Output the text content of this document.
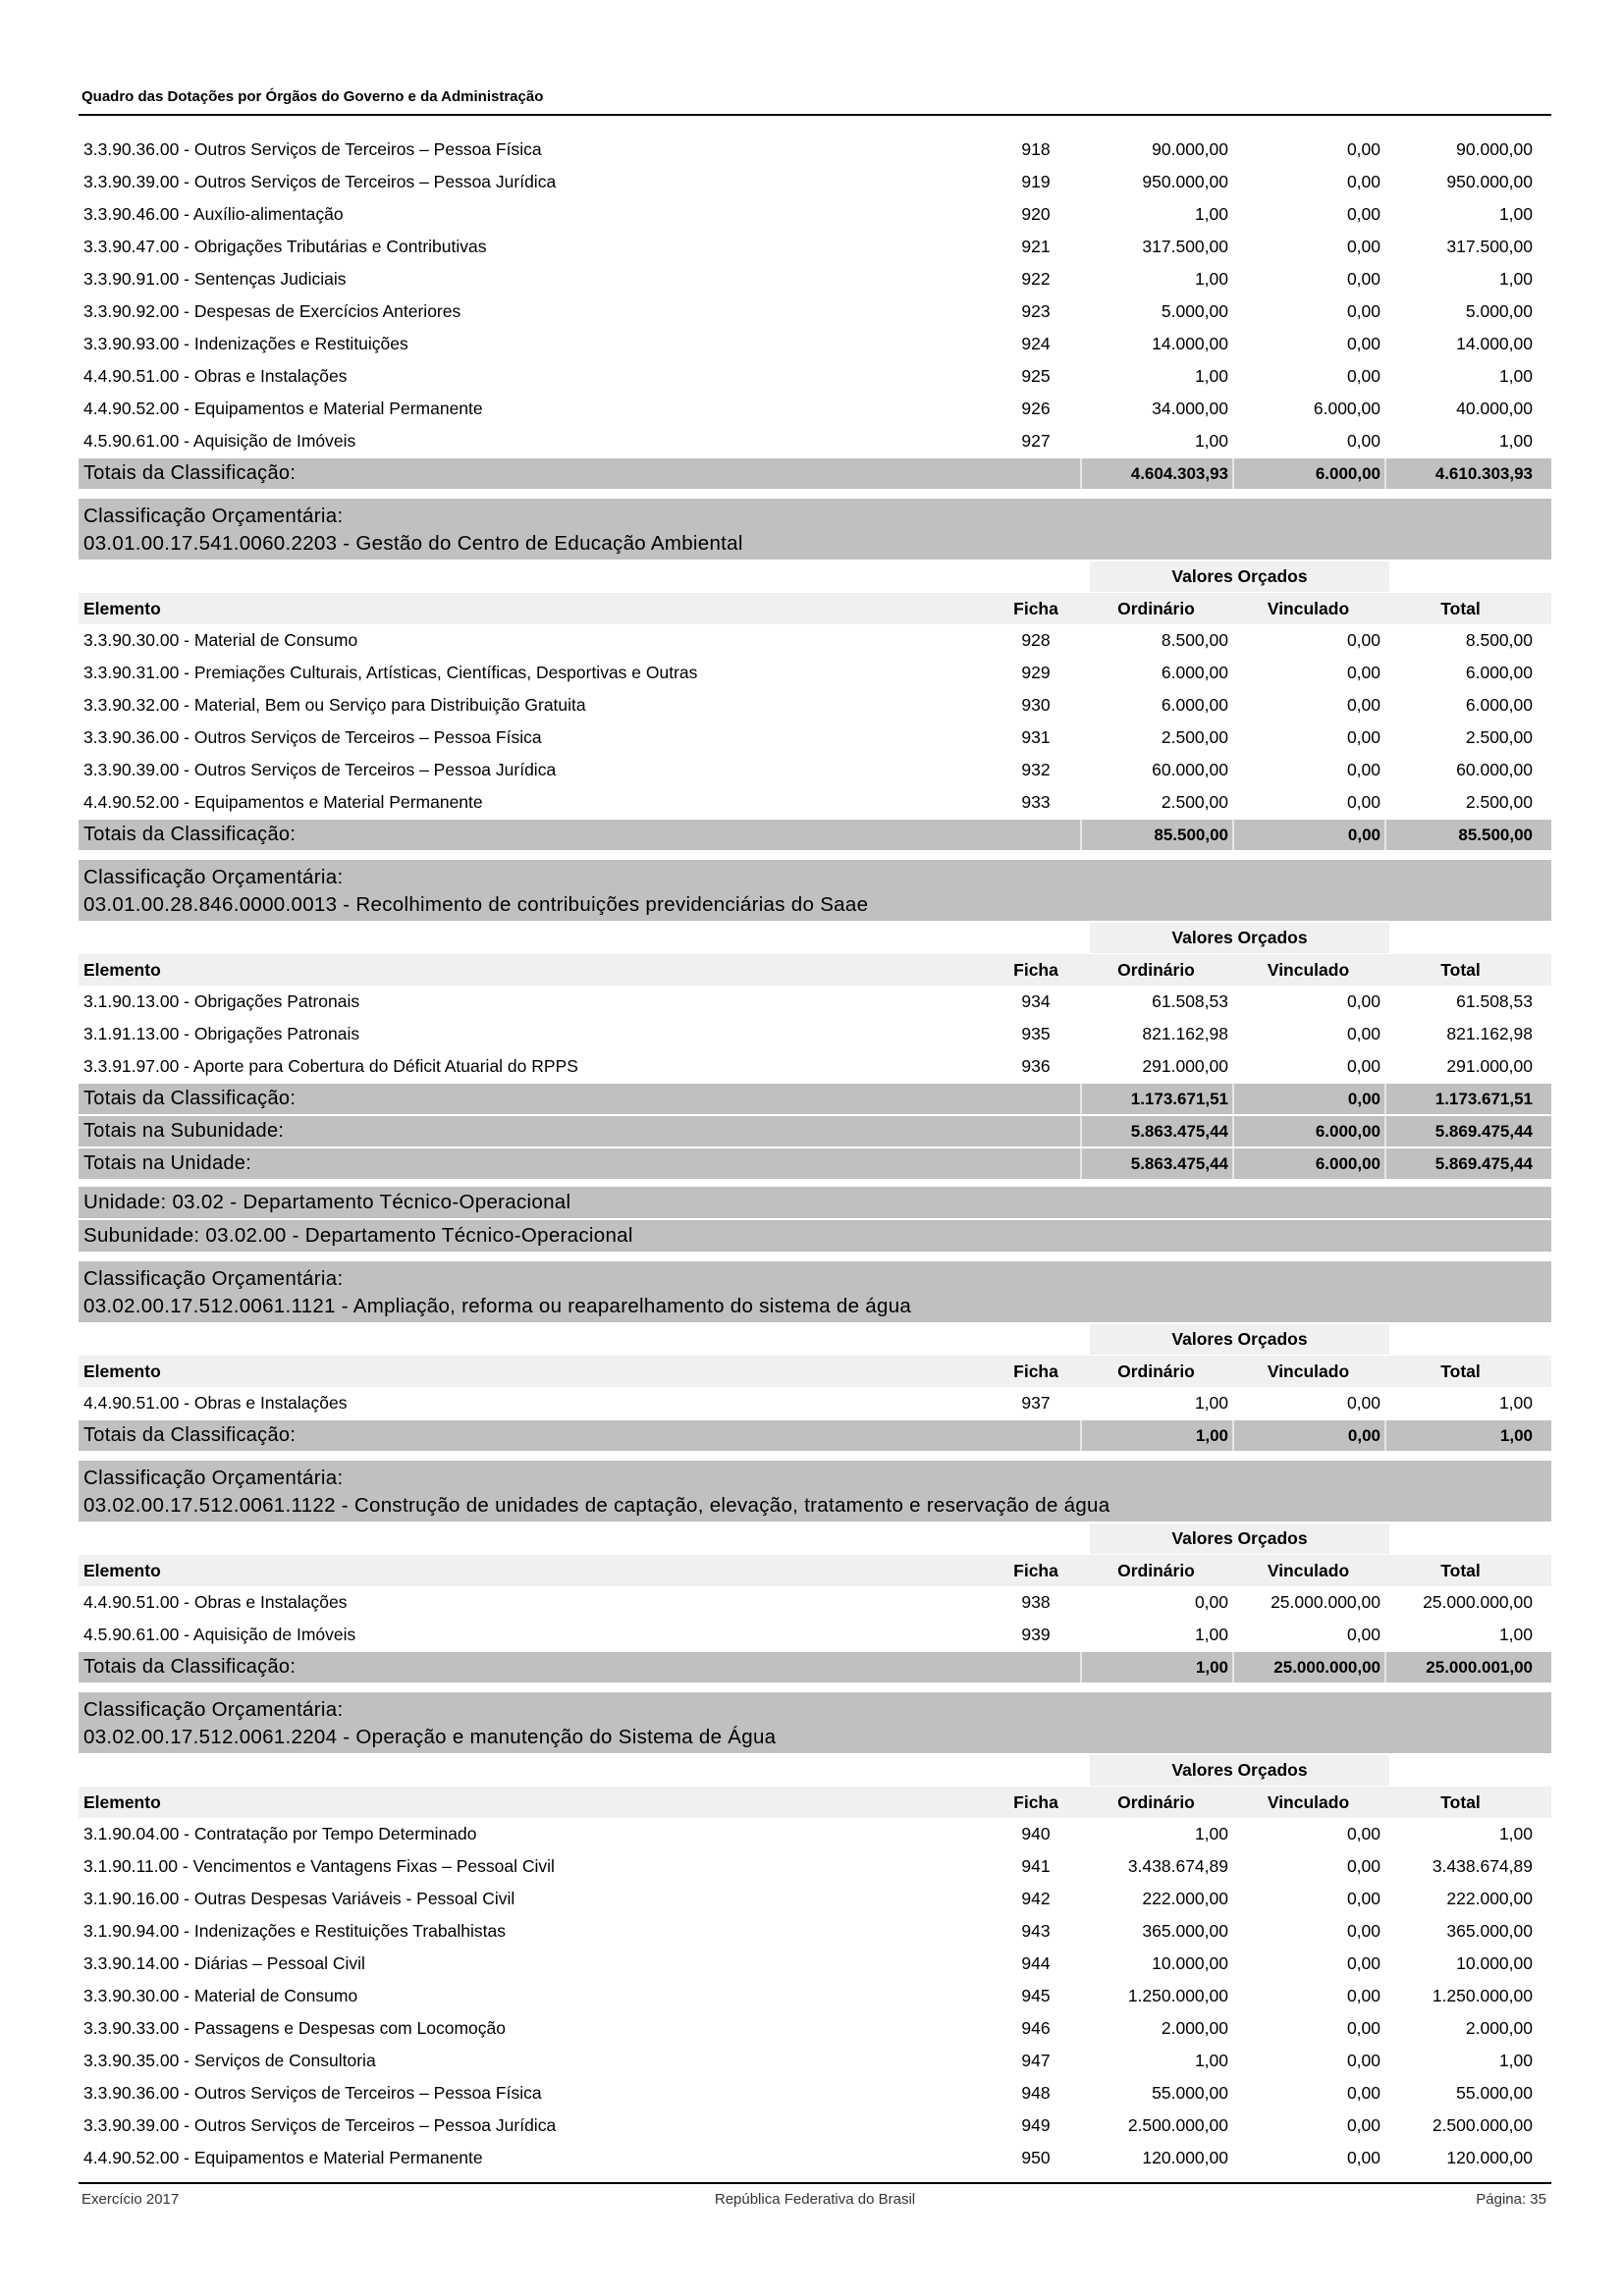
Quadro das Dotações por Órgãos do Governo e da Administração
3.3.90.36.00 - Outros Serviços de Terceiros – Pessoa Física	918	90.000,00	0,00	90.000,00
3.3.90.39.00 - Outros Serviços de Terceiros – Pessoa Jurídica	919	950.000,00	0,00	950.000,00
3.3.90.46.00 - Auxílio-alimentação	920	1,00	0,00	1,00
3.3.90.47.00 - Obrigações Tributárias e Contributivas	921	317.500,00	0,00	317.500,00
3.3.90.91.00 - Sentenças Judiciais	922	1,00	0,00	1,00
3.3.90.92.00 - Despesas de Exercícios Anteriores	923	5.000,00	0,00	5.000,00
3.3.90.93.00 - Indenizações e Restituições	924	14.000,00	0,00	14.000,00
4.4.90.51.00 - Obras e Instalações	925	1,00	0,00	1,00
4.4.90.52.00 - Equipamentos e Material Permanente	926	34.000,00	6.000,00	40.000,00
4.5.90.61.00 - Aquisição de Imóveis	927	1,00	0,00	1,00
Totais da Classificação:	4.604.303,93	6.000,00	4.610.303,93
Classificação Orçamentária:
03.01.00.17.541.0060.2203 - Gestão do Centro de Educação Ambiental
Valores Orçados
Elemento	Ficha	Ordinário	Vinculado	Total
3.3.90.30.00 - Material de Consumo	928	8.500,00	0,00	8.500,00
3.3.90.31.00 - Premiações Culturais, Artísticas, Científicas, Desportivas e Outras	929	6.000,00	0,00	6.000,00
3.3.90.32.00 - Material, Bem ou Serviço para Distribuição Gratuita	930	6.000,00	0,00	6.000,00
3.3.90.36.00 - Outros Serviços de Terceiros – Pessoa Física	931	2.500,00	0,00	2.500,00
3.3.90.39.00 - Outros Serviços de Terceiros – Pessoa Jurídica	932	60.000,00	0,00	60.000,00
4.4.90.52.00 - Equipamentos e Material Permanente	933	2.500,00	0,00	2.500,00
Totais da Classificação:	85.500,00	0,00	85.500,00
Classificação Orçamentária:
03.01.00.28.846.0000.0013 - Recolhimento de contribuições previdenciárias do Saae
Valores Orçados
Elemento	Ficha	Ordinário	Vinculado	Total
3.1.90.13.00 - Obrigações Patronais	934	61.508,53	0,00	61.508,53
3.1.91.13.00 - Obrigações Patronais	935	821.162,98	0,00	821.162,98
3.3.91.97.00 - Aporte para Cobertura do Déficit Atuarial do RPPS	936	291.000,00	0,00	291.000,00
Totais da Classificação:	1.173.671,51	0,00	1.173.671,51
Totais na Subunidade:	5.863.475,44	6.000,00	5.869.475,44
Totais na Unidade:	5.863.475,44	6.000,00	5.869.475,44
Unidade: 03.02 - Departamento Técnico-Operacional
Subunidade: 03.02.00 - Departamento Técnico-Operacional
Classificação Orçamentária:
03.02.00.17.512.0061.1121 - Ampliação, reforma ou reaparelhamento do sistema de água
Valores Orçados
Elemento	Ficha	Ordinário	Vinculado	Total
4.4.90.51.00 - Obras e Instalações	937	1,00	0,00	1,00
Totais da Classificação:	1,00	0,00	1,00
Classificação Orçamentária:
03.02.00.17.512.0061.1122 - Construção de unidades de captação, elevação, tratamento e reservação de água
Valores Orçados
Elemento	Ficha	Ordinário	Vinculado	Total
4.4.90.51.00 - Obras e Instalações	938	0,00	25.000.000,00	25.000.000,00
4.5.90.61.00 - Aquisição de Imóveis	939	1,00	0,00	1,00
Totais da Classificação:	1,00	25.000.000,00	25.000.001,00
Classificação Orçamentária:
03.02.00.17.512.0061.2204 - Operação e manutenção do Sistema de Água
Valores Orçados
Elemento	Ficha	Ordinário	Vinculado	Total
3.1.90.04.00 - Contratação por Tempo Determinado	940	1,00	0,00	1,00
3.1.90.11.00 - Vencimentos e Vantagens Fixas – Pessoal Civil	941	3.438.674,89	0,00	3.438.674,89
3.1.90.16.00 - Outras Despesas Variáveis - Pessoal Civil	942	222.000,00	0,00	222.000,00
3.1.90.94.00 - Indenizações e Restituições Trabalhistas	943	365.000,00	0,00	365.000,00
3.3.90.14.00 - Diárias – Pessoal Civil	944	10.000,00	0,00	10.000,00
3.3.90.30.00 - Material de Consumo	945	1.250.000,00	0,00	1.250.000,00
3.3.90.33.00 - Passagens e Despesas com Locomoção	946	2.000,00	0,00	2.000,00
3.3.90.35.00 - Serviços de Consultoria	947	1,00	0,00	1,00
3.3.90.36.00 - Outros Serviços de Terceiros – Pessoa Física	948	55.000,00	0,00	55.000,00
3.3.90.39.00 - Outros Serviços de Terceiros – Pessoa Jurídica	949	2.500.000,00	0,00	2.500.000,00
4.4.90.52.00 - Equipamentos e Material Permanente	950	120.000,00	0,00	120.000,00
Exercício 2017	República Federativa do Brasil	Página: 35
